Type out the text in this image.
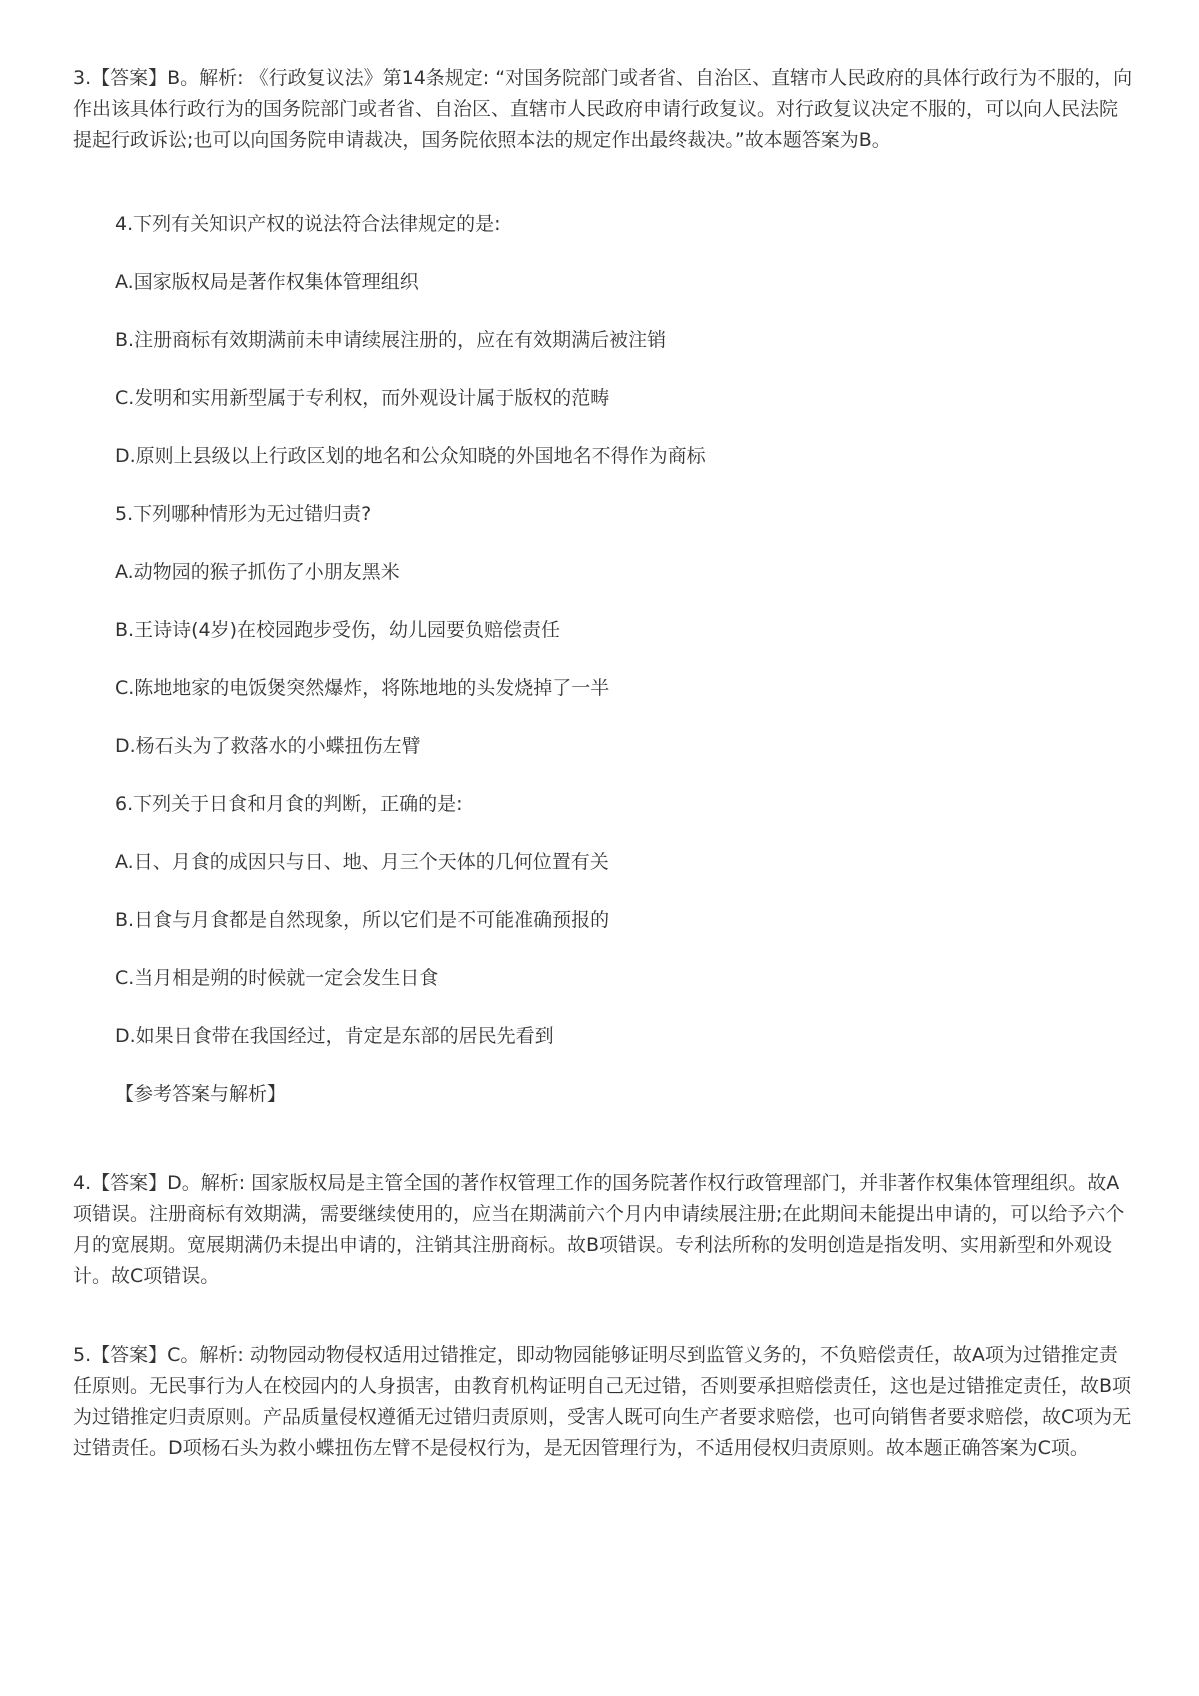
3.【答案】B。解析: 《行政复议法》第14条规定: “对国务院部门或者省、自治区、直辖市人民政府的具体行政行为不服的，向作出该具体行政行为的国务院部门或者省、自治区、直辖市人民政府申请行政复议。对行政复议决定不服的，可以向人民法院提起行政诉讼;也可以向国务院申请裁决，国务院依照本法的规定作出最终裁决。”故本题答案为B。

4.下列有关知识产权的说法符合法律规定的是:

A.国家版权局是著作权集体管理组织

B.注册商标有效期满前未申请续展注册的，应在有效期满后被注销

C.发明和实用新型属于专利权，而外观设计属于版权的范畴

D.原则上县级以上行政区划的地名和公众知晓的外国地名不得作为商标

5.下列哪种情形为无过错归责?

A.动物园的猴子抓伤了小朋友黑米

B.王诗诗(4岁)在校园跑步受伤，幼儿园要负赔偿责任

C.陈地地家的电饭煲突然爆炸，将陈地地的头发烧掉了一半

D.杨石头为了救落水的小蝶扭伤左臂

6.下列关于日食和月食的判断，正确的是:

A.日、月食的成因只与日、地、月三个天体的几何位置有关

B.日食与月食都是自然现象，所以它们是不可能准确预报的

C.当月相是朔的时候就一定会发生日食

D.如果日食带在我国经过，肯定是东部的居民先看到

【参考答案与解析】

4.【答案】D。解析: 国家版权局是主管全国的著作权管理工作的国务院著作权行政管理部门，并非著作权集体管理组织。故A项错误。注册商标有效期满，需要继续使用的，应当在期满前六个月内申请续展注册;在此期间未能提出申请的，可以给予六个月的宽展期。宽展期满仍未提出申请的，注销其注册商标。故B项错误。专利法所称的发明创造是指发明、实用新型和外观设计。故C项错误。

5.【答案】C。解析: 动物园动物侵权适用过错推定，即动物园能够证明尽到监管义务的，不负赔偿责任，故A项为过错推定责任原则。无民事行为人在校园内的人身损害，由教育机构证明自己无过错，否则要承担赔偿责任，这也是过错推定责任，故B项为过错推定归责原则。产品质量侵权遵循无过错归责原则，受害人既可向生产者要求赔偿，也可向销售者要求赔偿，故C项为无过错责任。D项杨石头为救小蝶扭伤左臂不是侵权行为，是无因管理行为，不适用侵权归责原则。故本题正确答案为C项。
